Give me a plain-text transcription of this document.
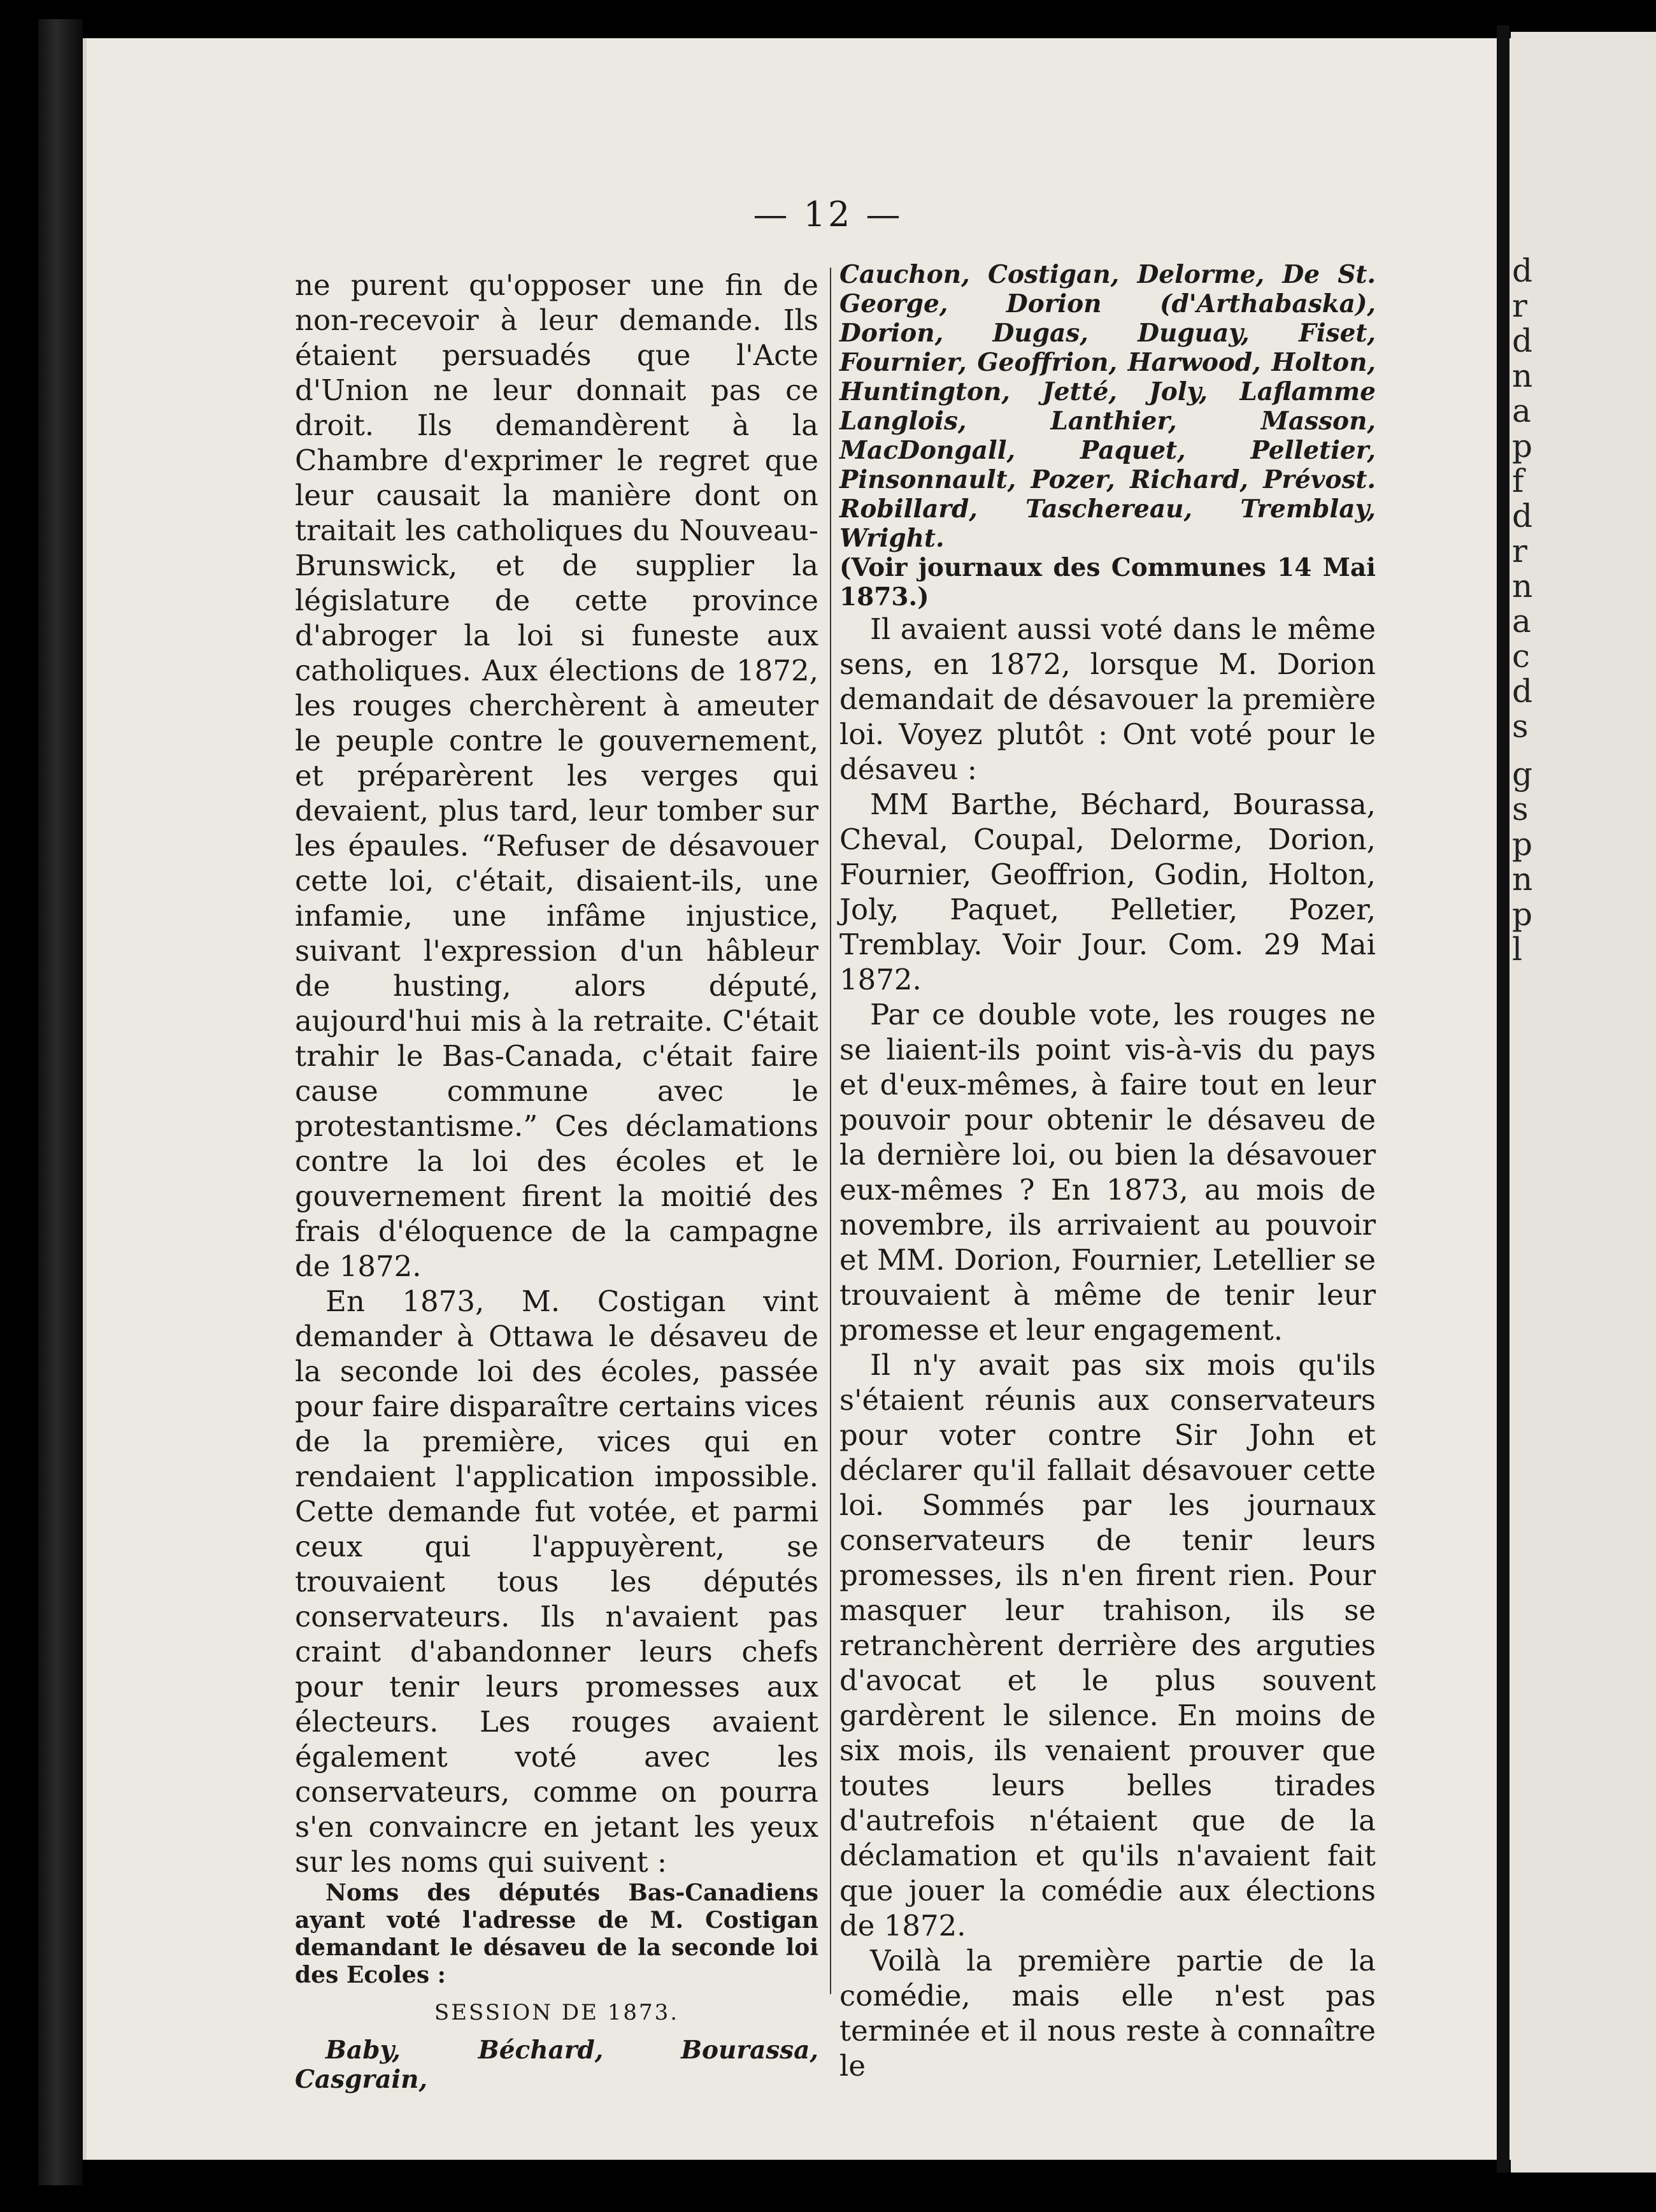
d
r
d
n
a
p
f
d
r
n
a
c
d
s
g
s
p
n
p
l
— 12 —

ne purent qu'opposer une fin de non-recevoir à leur demande. Ils étaient persuadés que l'Acte d'Union ne leur donnait pas ce droit. Ils demandèrent à la Chambre d'exprimer le regret que leur causait la manière dont on traitait les catholiques du Nouveau-Brunswick, et de supplier la législature de cette province d'abroger la loi si funeste aux catholiques. Aux élections de 1872, les rouges cherchèrent à ameuter le peuple contre le gouvernement, et préparèrent les verges qui devaient, plus tard, leur tomber sur les épaules. “Refuser de désavouer cette loi, c'était, disaient-ils, une infamie, une infâme injustice, suivant l'expression d'un hâbleur de husting, alors député, aujourd'hui mis à la retraite. C'était trahir le Bas-Canada, c'était faire cause commune avec le protestantisme.” Ces déclamations contre la loi des écoles et le gouvernement firent la moitié des frais d'éloquence de la campagne de 1872.

En 1873, M. Costigan vint demander à Ottawa le désaveu de la seconde loi des écoles, passée pour faire disparaître certains vices de la première, vices qui en rendaient l'application impossible. Cette demande fut votée, et parmi ceux qui l'appuyèrent, se trouvaient tous les députés conservateurs. Ils n'avaient pas craint d'abandonner leurs chefs pour tenir leurs promesses aux électeurs. Les rouges avaient également voté avec les conservateurs, comme on pourra s'en convaincre en jetant les yeux sur les noms qui suivent :

Noms des députés Bas-Canadiens ayant voté l'adresse de M. Costigan demandant le désaveu de la seconde loi des Ecoles :

SESSION DE 1873.

Baby, Béchard, Bourassa, Casgrain,

Cauchon, Costigan, Delorme, De St. George, Dorion (d'Arthabaska), Dorion, Dugas, Duguay, Fiset, Fournier, Geoffrion, Harwood, Holton, Huntington, Jetté, Joly, Laflamme Langlois, Lanthier, Masson, MacDongall, Paquet, Pelletier, Pinsonnault, Pozer, Richard, Prévost. Robillard, Taschereau, Tremblay, Wright.

(Voir journaux des Communes 14 Mai 1873.)

Il avaient aussi voté dans le même sens, en 1872, lorsque M. Dorion demandait de désavouer la première loi. Voyez plutôt : Ont voté pour le désaveu :

MM Barthe, Béchard, Bourassa, Cheval, Coupal, Delorme, Dorion, Fournier, Geoffrion, Godin, Holton, Joly, Paquet, Pelletier, Pozer, Tremblay. Voir Jour. Com. 29 Mai 1872.

Par ce double vote, les rouges ne se liaient-ils point vis-à-vis du pays et d'eux-mêmes, à faire tout en leur pouvoir pour obtenir le désaveu de la dernière loi, ou bien la désavouer eux-mêmes ? En 1873, au mois de novembre, ils arrivaient au pouvoir et MM. Dorion, Fournier, Letellier se trouvaient à même de tenir leur promesse et leur engagement.

Il n'y avait pas six mois qu'ils s'étaient réunis aux conservateurs pour voter contre Sir John et déclarer qu'il fallait désavouer cette loi. Sommés par les journaux conservateurs de tenir leurs promesses, ils n'en firent rien. Pour masquer leur trahison, ils se retranchèrent derrière des arguties d'avocat et le plus souvent gardèrent le silence. En moins de six mois, ils venaient prouver que toutes leurs belles tirades d'autrefois n'étaient que de la déclamation et qu'ils n'avaient fait que jouer la comédie aux élections de 1872.

Voilà la première partie de la comédie, mais elle n'est pas terminée et il nous reste à connaître le
